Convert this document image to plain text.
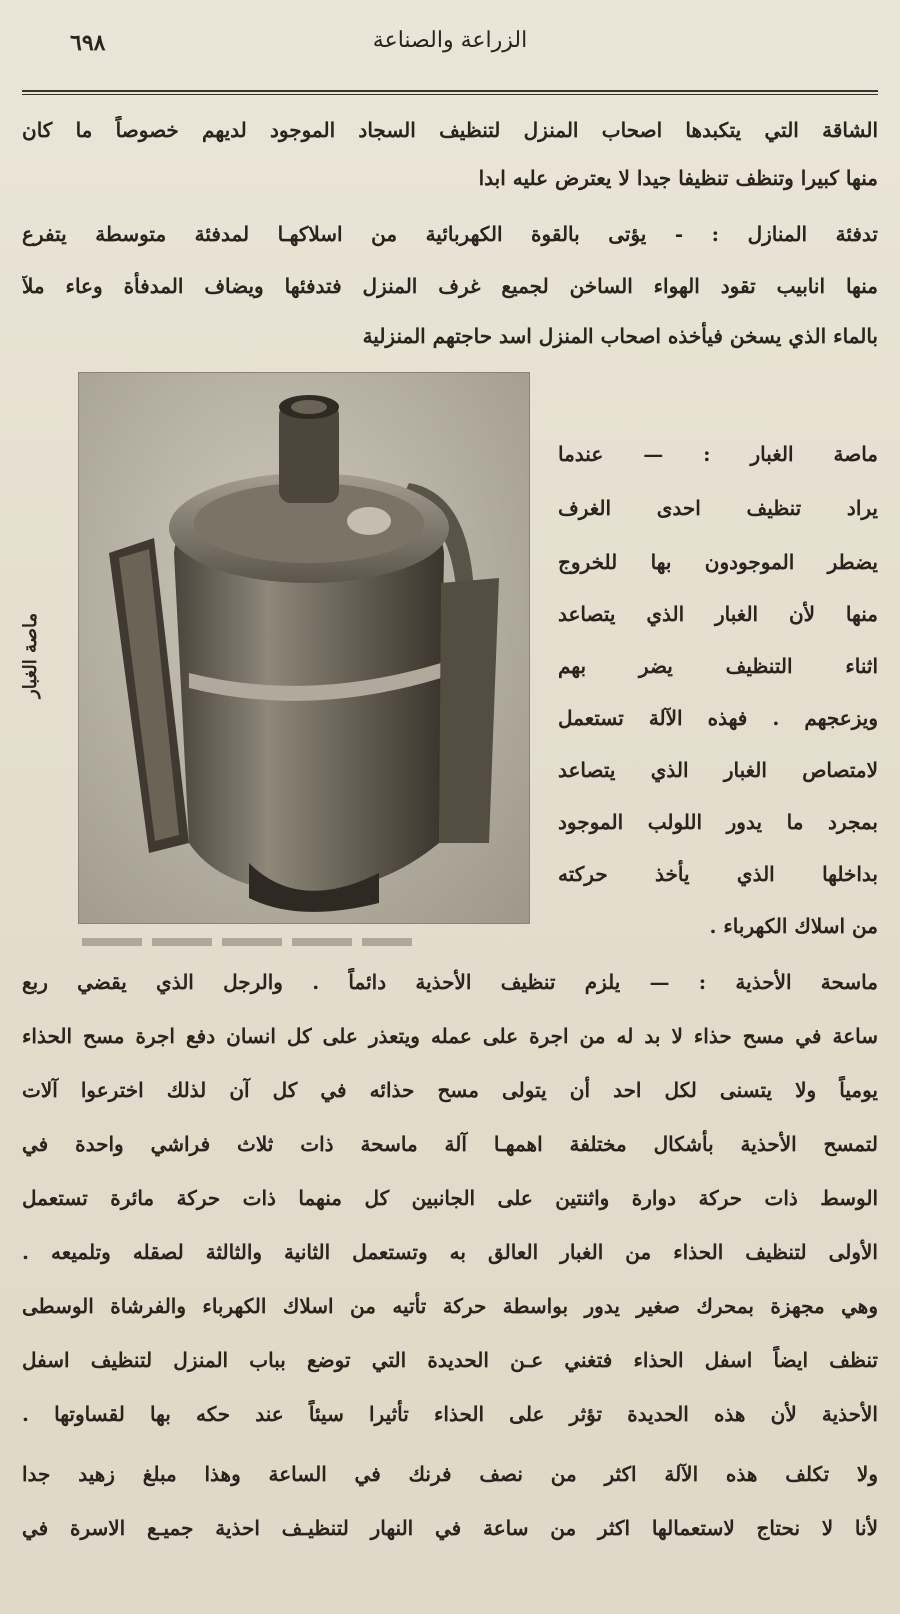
٦٩٨	الزراعة والصناعة
الشاقة التي يتكبدها اصحاب المنزل لتنظيف السجاد الموجود لديهم خصوصاً ما كان
منها كبيرا وتنظف تنظيفا جيدا لا يعترض عليه ابدا
تدفئة المنازل : - يؤتى بالقوة الكهربائية من اسلاكهـا لمدفئة متوسطة يتفرع
منها انابيب تقود الهواء الساخن لجميع غرف المنزل فتدفئها ويضاف المدفأة وعاء ملآ
بالماء الذي يسخن فيأخذه اصحاب المنزل اسد حاجتهم المنزلية
ماصة الغبار
ماصة الغبار : — عندما
يراد تنظيف احدى الغرف
يضطر الموجودون بها للخروج
منها لأن الغبار الذي يتصاعد
اثناء التنظيف يضر بهم
ويزعجهم . فهذه الآلة تستعمل
لامتصاص الغبار الذي يتصاعد
بمجرد ما يدور اللولب الموجود
بداخلها الذي يأخذ حركته
من اسلاك الكهرباء .
ماسحة الأحذية : — يلزم تنظيف الأحذية دائماً . والرجل الذي يقضي ربع
ساعة في مسح حذاء لا بد له من اجرة على عمله ويتعذر على كل انسان دفع اجرة مسح الحذاء
يومياً ولا يتسنى لكل احد أن يتولى مسح حذائه في كل آن لذلك اخترعوا آلات
لتمسح الأحذية بأشكال مختلفة اهمهـا آلة ماسحة ذات ثلاث فراشي واحدة في
الوسط ذات حركة دوارة واثنتين على الجانبين كل منهما ذات حركة مائرة تستعمل
الأولى لتنظيف الحذاء من الغبار العالق به وتستعمل الثانية والثالثة لصقله وتلميعه .
وهي مجهزة بمحرك صغير يدور بواسطة حركة تأتيه من اسلاك الكهرباء والفرشاة الوسطى
تنظف ايضاً اسفل الحذاء فتغني عـن الحديدة التي توضع بباب المنزل لتنظيف اسفل
الأحذية لأن هذه الحديدة تؤثر على الحذاء تأثيرا سيئاً عند حكه بها لقساوتها .
ولا تكلف هذه الآلة اكثر من نصف فرنك في الساعة وهذا مبلغ زهيد جدا
لأنا لا نحتاج لاستعمالها اكثر من ساعة في النهار لتنظيـف احذية جميـع الاسرة في
